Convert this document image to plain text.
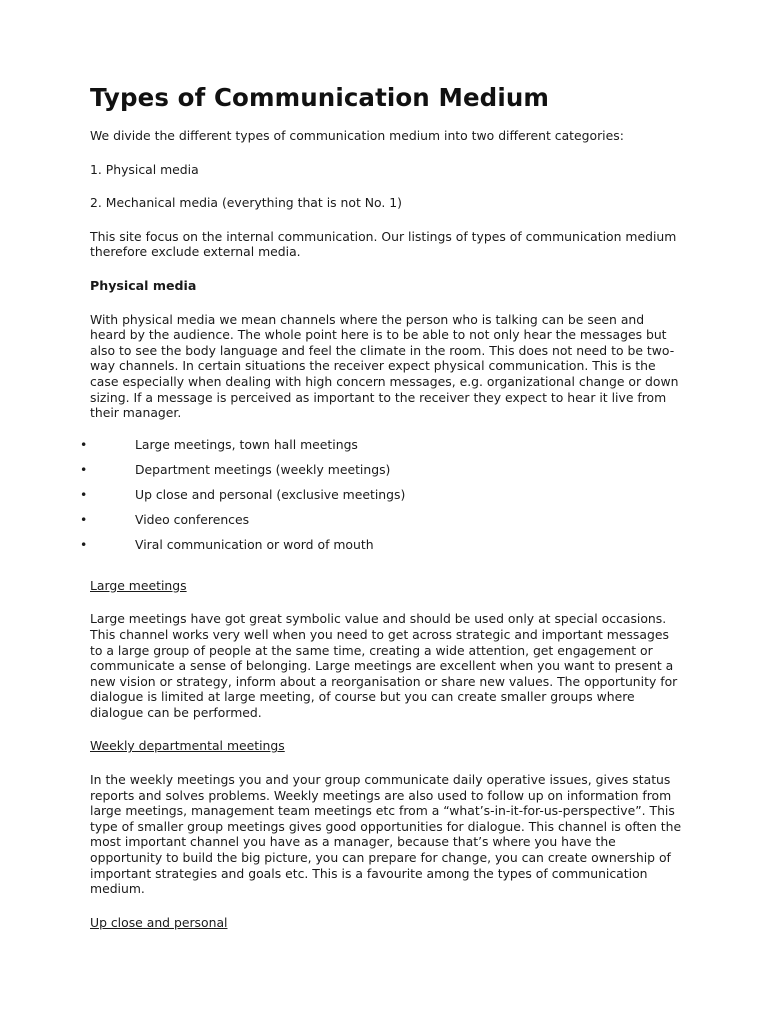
Types of Communication Medium

We divide the different types of communication medium into two different categories:

1. Physical media

2. Mechanical media (everything that is not No. 1)

This site focus on the internal communication. Our listings of types of communication medium therefore exclude external media.

Physical media

With physical media we mean channels where the person who is talking can be seen and heard by the audience. The whole point here is to be able to not only hear the messages but also to see the body language and feel the climate in the room. This does not need to be two-way channels. In certain situations the receiver expect physical communication. This is the case especially when dealing with high concern messages, e.g. organizational change or down sizing. If a message is perceived as important to the receiver they expect to hear it live from their manager.

•	Large meetings, town hall meetings
•	Department meetings (weekly meetings)
•	Up close and personal (exclusive meetings)
•	Video conferences
•	Viral communication or word of mouth

Large meetings

Large meetings have got great symbolic value and should be used only at special occasions. This channel works very well when you need to get across strategic and important messages to a large group of people at the same time, creating a wide attention, get engagement or communicate a sense of belonging. Large meetings are excellent when you want to present a new vision or strategy, inform about a reorganisation or share new values. The opportunity for dialogue is limited at large meeting, of course but you can create smaller groups where dialogue can be performed.

Weekly departmental meetings

In the weekly meetings you and your group communicate daily operative issues, gives status reports and solves problems. Weekly meetings are also used to follow up on information from large meetings, management team meetings etc from a “what’s-in-it-for-us-perspective”. This type of smaller group meetings gives good opportunities for dialogue. This channel is often the most important channel you have as a manager, because that’s where you have the opportunity to build the big picture, you can prepare for change, you can create ownership of important strategies and goals etc. This is a favourite among the types of communication medium.

Up close and personal
